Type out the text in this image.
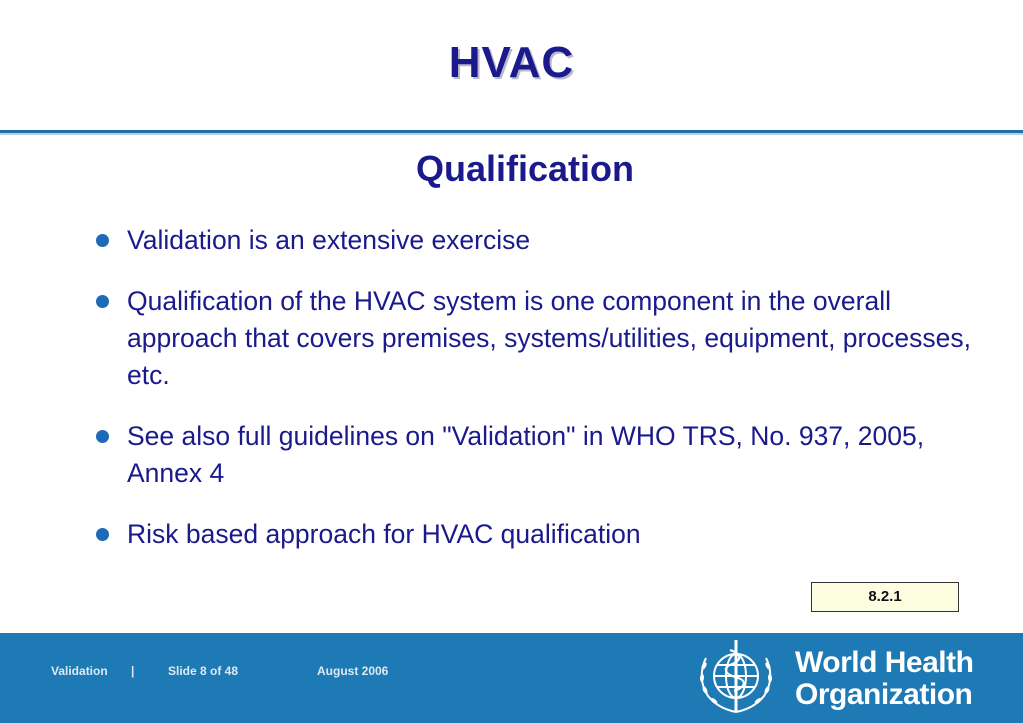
HVAC
Qualification
Validation is an extensive exercise
Qualification of the HVAC system is one component in the overall approach that covers premises, systems/utilities, equipment, processes, etc.
See also full guidelines on "Validation" in WHO TRS, No. 937, 2005, Annex 4
Risk based approach for HVAC qualification
8.2.1
Validation |	Slide 8 of 48	August 2006	World Health
Organization
